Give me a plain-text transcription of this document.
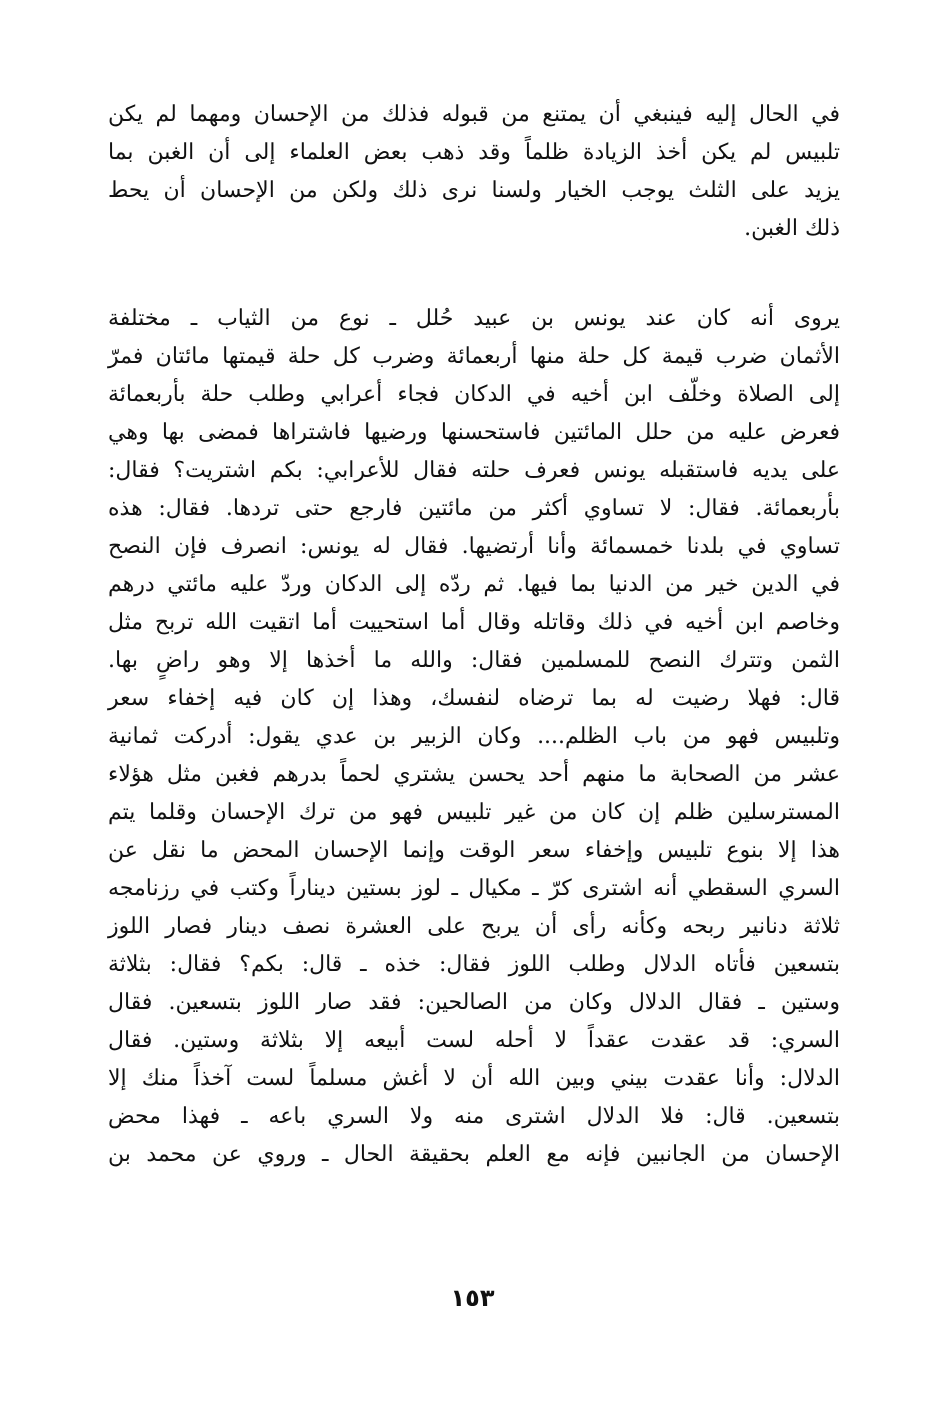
في الحال إليه فينبغي أن يمتنع من قبوله فذلك من الإحسان ومهما لم يكن
تلبيس لم يكن أخذ الزيادة ظلماً وقد ذهب بعض العلماء إلى أن الغبن بما
يزيد على الثلث يوجب الخيار ولسنا نرى ذلك ولكن من الإحسان أن يحط
ذلك الغبن.
يروى أنه كان عند يونس بن عبيد حُلل ـ نوع من الثياب ـ مختلفة
الأثمان ضرب قيمة كل حلة منها أربعمائة وضرب كل حلة قيمتها مائتان فمرّ
إلى الصلاة وخلّف ابن أخيه في الدكان فجاء أعرابي وطلب حلة بأربعمائة
فعرض عليه من حلل المائتين فاستحسنها ورضيها فاشتراها فمضى بها وهي
على يديه فاستقبله يونس فعرف حلته فقال للأعرابي: بكم اشتريت؟ فقال:
بأربعمائة. فقال: لا تساوي أكثر من مائتين فارجع حتى تردها. فقال: هذه
تساوي في بلدنا خمسمائة وأنا أرتضيها. فقال له يونس: انصرف فإن النصح
في الدين خير من الدنيا بما فيها. ثم ردّه إلى الدكان وردّ عليه مائتي درهم
وخاصم ابن أخيه في ذلك وقاتله وقال أما استحييت أما اتقيت الله تربح مثل
الثمن وتترك النصح للمسلمين فقال: والله ما أخذها إلا وهو راضٍ بها.
قال: فهلا رضيت له بما ترضاه لنفسك، وهذا إن كان فيه إخفاء سعر
وتلبيس فهو من باب الظلم.... وكان الزبير بن عدي يقول: أدركت ثمانية
عشر من الصحابة ما منهم أحد يحسن يشتري لحماً بدرهم فغبن مثل هؤلاء
المسترسلين ظلم إن كان من غير تلبيس فهو من ترك الإحسان وقلما يتم
هذا إلا بنوع تلبيس وإخفاء سعر الوقت وإنما الإحسان المحض ما نقل عن
السري السقطي أنه اشترى كرّ ـ مكيال ـ لوز بستين ديناراً وكتب في رزنامجه
ثلاثة دنانير ربحه وكأنه رأى أن يربح على العشرة نصف دينار فصار اللوز
بتسعين فأتاه الدلال وطلب اللوز فقال: خذه ـ قال: بكم؟ فقال: بثلاثة
وستين ـ فقال الدلال وكان من الصالحين: فقد صار اللوز بتسعين. فقال
السري: قد عقدت عقداً لا أحله لست أبيعه إلا بثلاثة وستين. فقال
الدلال: وأنا عقدت بيني وبين الله أن لا أغش مسلماً لست آخذاً منك إلا
بتسعين. قال: فلا الدلال اشترى منه ولا السري باعه ـ فهذا محض
الإحسان من الجانبين فإنه مع العلم بحقيقة الحال ـ وروي عن محمد بن
١٥٣
